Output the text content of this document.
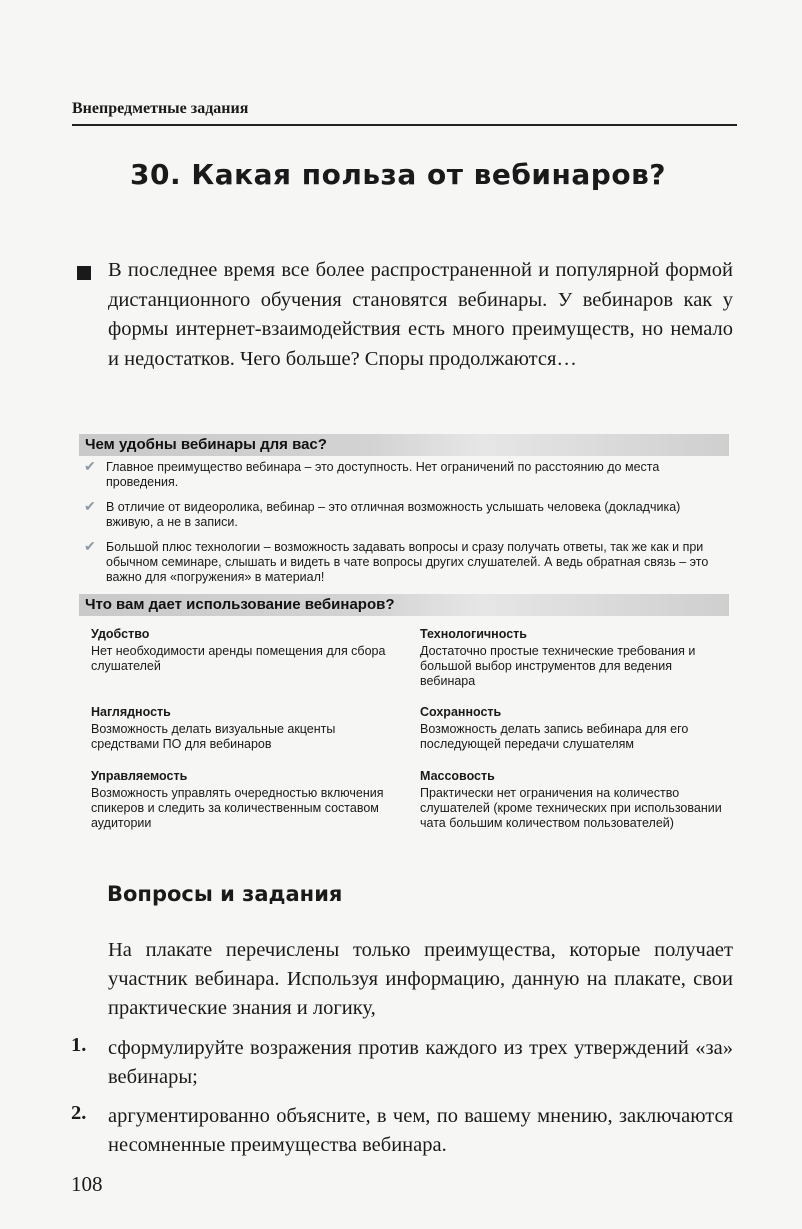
Внепредметные задания
30. Какая польза от вебинаров?

В последнее время все более распространенной и популярной формой дистанционного обучения становятся вебинары. У вебинаров как у формы интернет-взаимодействия есть много преимуществ, но немало и недостатков. Чего больше? Споры продолжаются…

Чем удобны вебинары для вас?
✔ Главное преимущество вебинара – это доступность. Нет ограничений по расстоянию до места проведения.
✔ В отличие от видеоролика, вебинар – это отличная возможность услышать человека (докладчика) вживую, а не в записи.
✔ Большой плюс технологии – возможность задавать вопросы и сразу получать ответы, так же как и при обычном семинаре, слышать и видеть в чате вопросы других слушателей. А ведь обратная связь – это важно для «погружения» в материал!
Что вам дает использование вебинаров?
Удобство
Нет необходимости аренды помещения для сбора слушателей
Технологичность
Достаточно простые технические требования и большой выбор инструментов для ведения вебинара
Наглядность
Возможность делать визуальные акценты средствами ПО для вебинаров
Сохранность
Возможность делать запись вебинара для его последующей передачи слушателям
Управляемость
Возможность управлять очередностью включения спикеров и следить за количественным составом аудитории
Массовость
Практически нет ограничения на количество слушателей (кроме технических при использовании чата большим количеством пользователей)
Вопросы и задания

На плакате перечислены только преимущества, которые получает участник вебинара. Используя информацию, данную на плакате, свои практические знания и логику,

1. сформулируйте возражения против каждого из трех утверждений «за» вебинары;

2. аргументированно объясните, в чем, по вашему мнению, заключаются несомненные преимущества вебинара.

108
